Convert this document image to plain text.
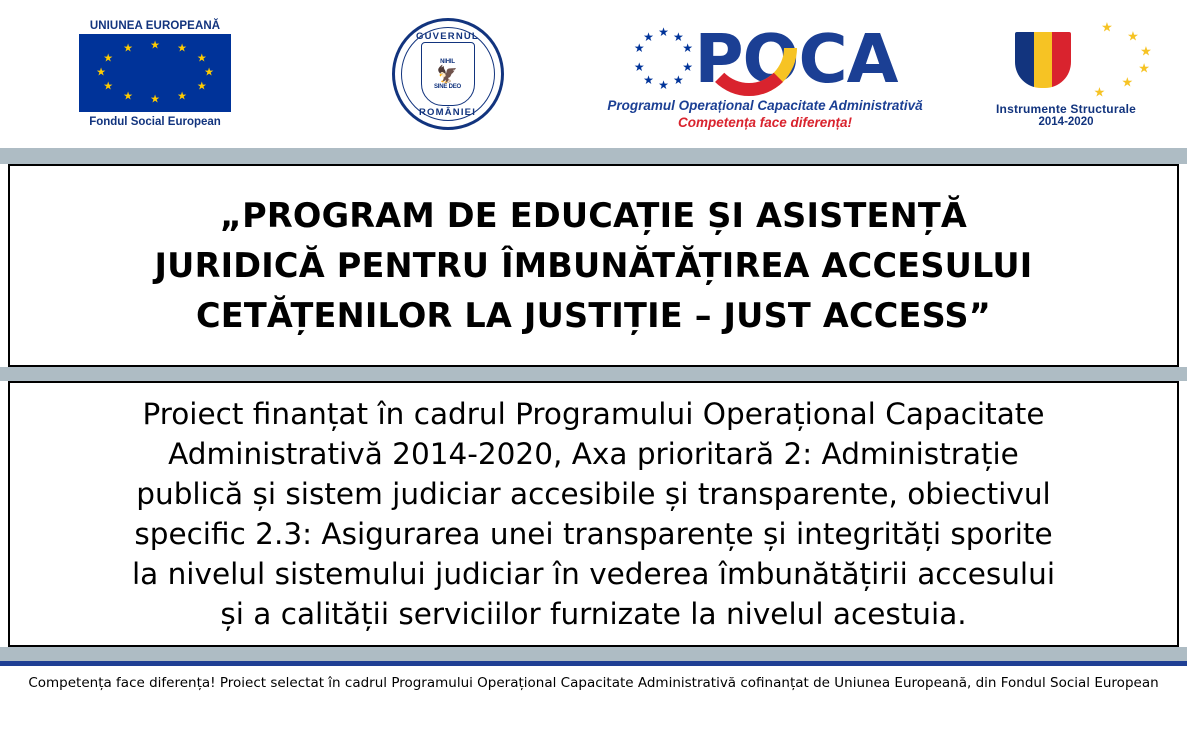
UNIUNEA EUROPEANĂ
★ ★
★
★
★
★
★
★
★
★
★
★
Fondul Social European
GUVERNUL
NIHIL
🦅
SINE DEO
ROMÂNIEI
★ ★
★
★
★
★
★
★
★
★ POCA
Programul Operațional Capacitate Administrativă
Competența face diferența!
★
★
★
★
★
★
Instrumente Structurale
2014-2020
„PROGRAM DE EDUCAȚIE ȘI ASISTENȚĂ
JURIDICĂ PENTRU ÎMBUNĂTĂȚIREA ACCESULUI
CETĂȚENILOR LA JUSTIȚIE – JUST ACCESS”
Proiect finanțat în cadrul Programului Operațional Capacitate
Administrativă 2014-2020, Axa prioritară 2: Administrație
publică și sistem judiciar accesibile și transparente, obiectivul
specific 2.3: Asigurarea unei transparențe și integrități sporite
la nivelul sistemului judiciar în vederea îmbunătățirii accesului
și a calității serviciilor furnizate la nivelul acestuia.
Competența face diferența! Proiect selectat în cadrul Programului Operațional Capacitate Administrativă cofinanțat de Uniunea Europeană, din Fondul Social European
